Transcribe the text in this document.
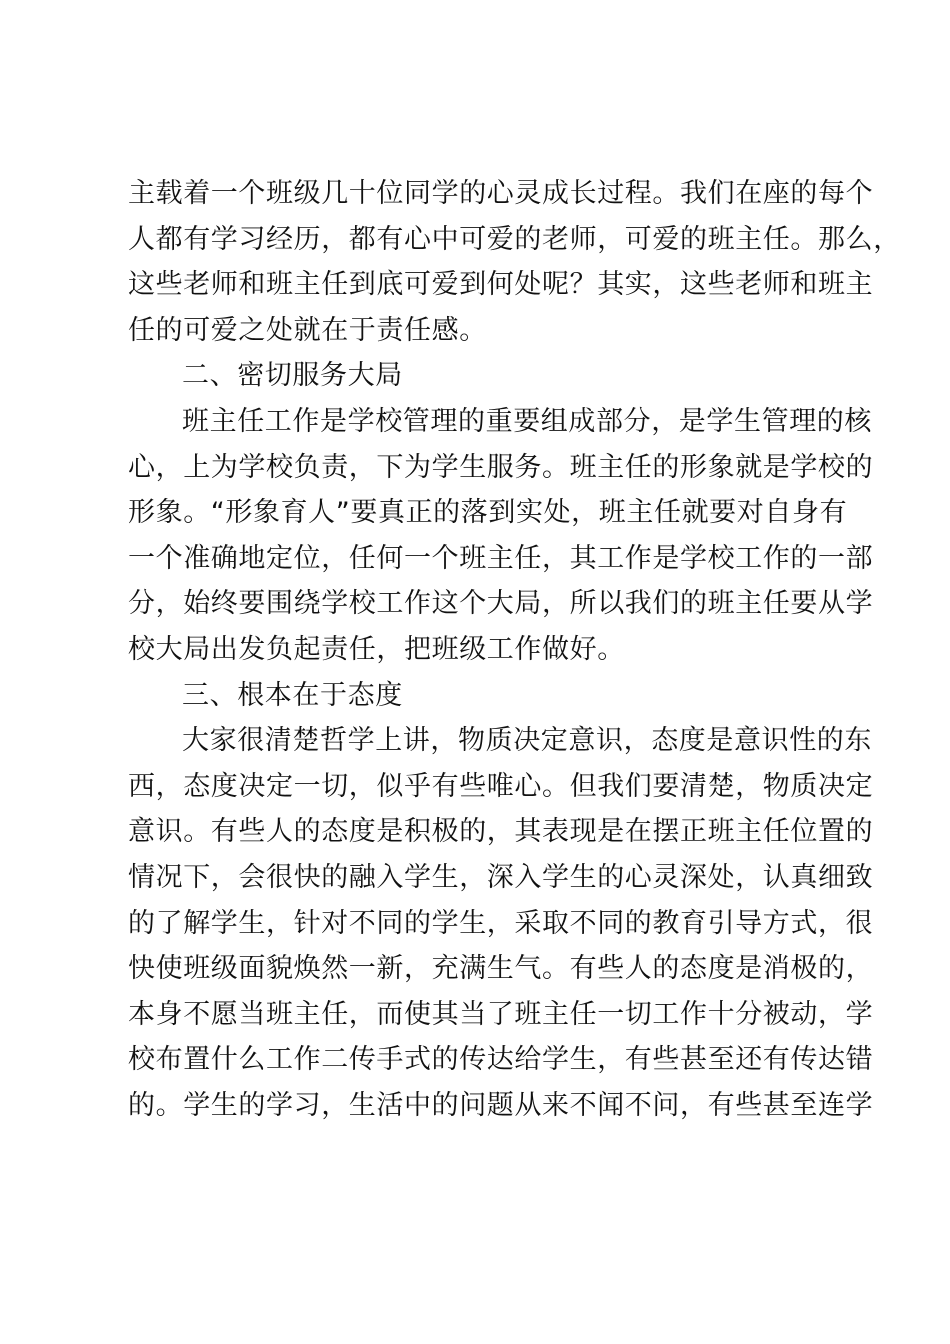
主载着一个班级几十位同学的心灵成长过程。我们在座的每个
人都有学习经历，都有心中可爱的老师，可爱的班主任。那么，
这些老师和班主任到底可爱到何处呢？其实，这些老师和班主
任的可爱之处就在于责任感。
二、密切服务大局
班主任工作是学校管理的重要组成部分，是学生管理的核
心，上为学校负责，下为学生服务。班主任的形象就是学校的
形象。“形象育人”要真正的落到实处，班主任就要对自身有
一个准确地定位，任何一个班主任，其工作是学校工作的一部
分，始终要围绕学校工作这个大局，所以我们的班主任要从学
校大局出发负起责任，把班级工作做好。
三、根本在于态度
大家很清楚哲学上讲，物质决定意识，态度是意识性的东
西，态度决定一切，似乎有些唯心。但我们要清楚，物质决定
意识。有些人的态度是积极的，其表现是在摆正班主任位置的
情况下，会很快的融入学生，深入学生的心灵深处，认真细致
的了解学生，针对不同的学生，采取不同的教育引导方式，很
快使班级面貌焕然一新，充满生气。有些人的态度是消极的，
本身不愿当班主任，而使其当了班主任一切工作十分被动，学
校布置什么工作二传手式的传达给学生，有些甚至还有传达错
的。学生的学习，生活中的问题从来不闻不问，有些甚至连学
